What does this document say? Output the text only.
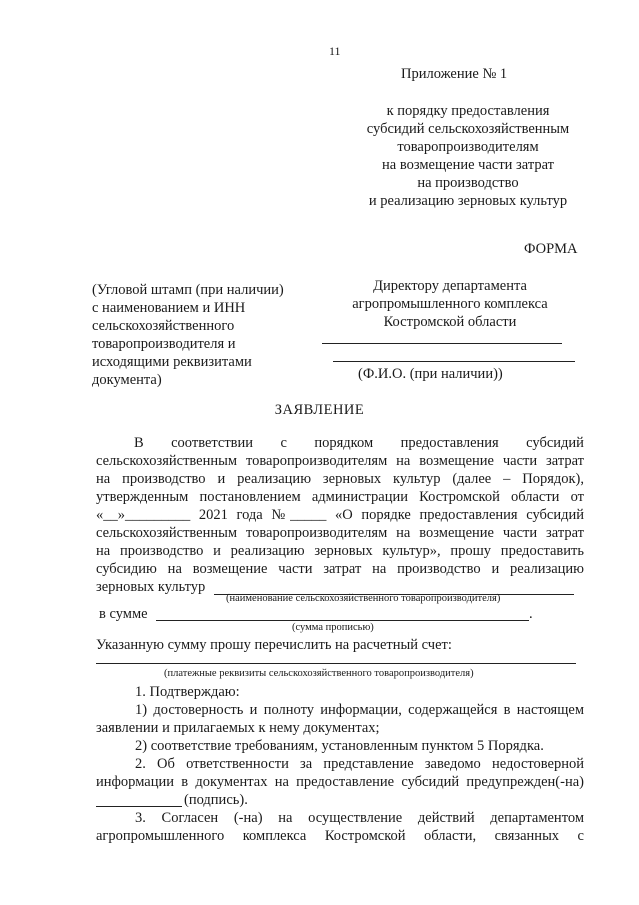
11
Приложение № 1
к порядку предоставления
субсидий сельскохозяйственным
товаропроизводителям
на возмещение части затрат
на производство
и реализацию зерновых культур
ФОРМА
(Угловой штамп (при наличии)
с наименованием и ИНН
сельскохозяйственного
товаропроизводителя и
исходящими реквизитами
документа)
Директору департамента
агропромышленного комплекса
Костромской области
(Ф.И.О. (при наличии))
ЗАЯВЛЕНИЕ
В соответствии с порядком предоставления субсидий
сельскохозяйственным товаропроизводителям на возмещение части затрат
на производство и реализацию зерновых культур (далее – Порядок),
утвержденным постановлением администрации Костромской области от
«__»_________ 2021 года №_____ «О порядке предоставления субсидий
сельскохозяйственным товаропроизводителям на возмещение части затрат
на производство и реализацию зерновых культур», прошу предоставить
субсидию на возмещение части затрат на производство и реализацию
зерновых культур
(наименование сельскохозяйственного товаропроизводителя)
в сумме	.
(сумма прописью)
Указанную сумму прошу перечислить на расчетный счет:
(платежные реквизиты сельскохозяйственного товаропроизводителя)
1. Подтверждаю:
1) достоверность и полноту информации, содержащейся в настоящем
заявлении и прилагаемых к нему документах;
2) соответствие требованиям, установленным пунктом 5 Порядка.
2. Об ответственности за представление заведомо недостоверной
информации в документах на предоставление субсидий предупрежден(-на)
(подпись).
3. Согласен (-на) на осуществление действий департаментом
агропромышленного комплекса Костромской области, связанных с
